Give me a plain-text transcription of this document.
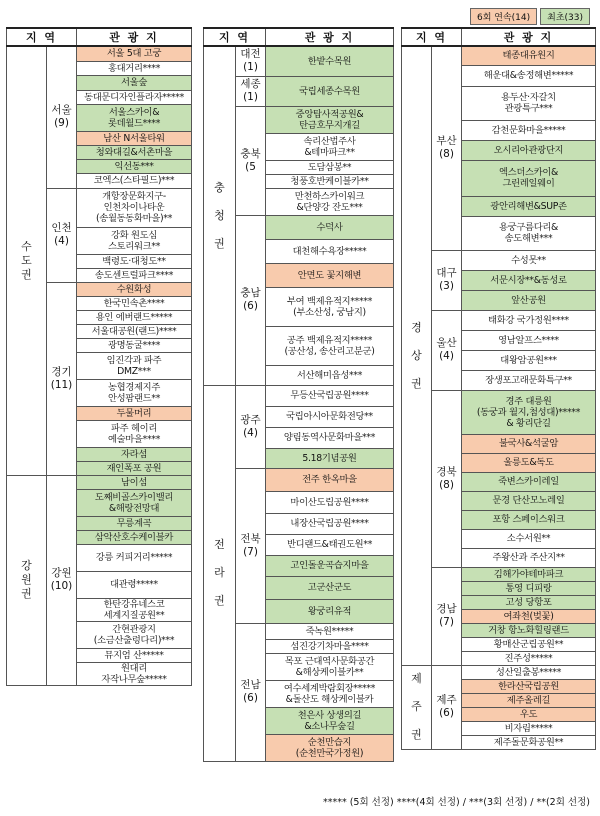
6회 연속(14)	최초(33)
지 역		관 광 지
수
도
권	서울
(9)	서울 5대 고궁
		홍대거리****
		서울숲
		동대문디자인플라자*****
		서울스카이&
롯데월드****
		남산 N서울타워
		청와대길&서촌마을
		익선동***
		코엑스(스타필드)***
	인천
(4)	개항장문화지구-
인천차이나타운
(송월동동화마을)**
		강화 원도심
스토리워크**
		백령도·대청도**
		송도센트럴파크****
	경기
(11)	수원화성
		한국민속촌****
		용인 에버랜드*****
		서울대공원(랜드)****
		광명동굴****
		임진각과 파주
DMZ***
		농협경제지주
안성팜랜드**
		두물머리
		파주 헤이리
예술마을****
		자라섬
		재인폭포 공원
강
원
권	강원
(10)	남이섬
		도째비골스카이밸리
&해랑전망대
		무릉계곡
		삼악산호수케이블카
		강릉 커피거리*****
		대관령*****
		한탄강유네스코
세계지질공원**
		간현관광지
(소금산출렁다리)***
		뮤지엄 산*****
		원대리
자작나무숲*****
지 역		관 광 지
충

청

권	대전
(1)	한밭수목원
	세종
(1)	국립세종수목원
	충북
(5	중앙탑사적공원&
탄금호무지개길
		속리산법주사
&테마파크**
		도담삼봉**
		청풍호반케이블카**
		만천하스카이워크
&단양강 잔도***
	충남
(6)	수덕사
		대천해수욕장*****
		안면도 꽃지해변
		부여 백제유적지*****
(부소산성, 궁남지)
		공주 백제유적지*****
(공산성, 송산리고분군)
		서산해미읍성***
전

라

권	광주
(4)	무등산국립공원****
		국립아시아문화전당**
		양림동역사문화마을***
		5.18기념공원
	전북
(7)	전주 한옥마을
		마이산도립공원****
		내장산국립공원****
		반디랜드&태권도원**
		고인돌운곡습지마을
		고군산군도
		왕궁리유적
	전남
(6)	죽녹원*****
		섬진강기차마을****
		목포 근대역사문화공간
&해상케이블카**
		여수세계박람회장*****
&돌산도 해상케이블카
		천은사 상생의길
&소나무숲길
		순천만습지
(순천만국가정원)
지 역		관 광 지
경

상

권	부산
(8)	태종대유원지
		해운대&송정해변*****
		용두산·자갈치
관광특구***
		감천문화마을*****
		오시리아관광단지
		엑스더스카이&
그린레일웨이
		광안리해변&SUP존
		용궁구름다리&
송도해변***
	대구
(3)	수성못**
		서문시장**&동성로
		앞산공원
	울산
(4)	태화강 국가정원****
		영남알프스****
		대왕암공원***
		장생포고래문화특구**
	경북
(8)	경주 대릉원
(동궁과 월지,첨성대)*****
& 황리단길
		불국사&석굴암
		울릉도&독도
		죽변스카이레일
		문경 단산모노레일
		포항 스페이스워크
		소수서원**
		주왕산과 주산지**
	경남
(7)	김해가야테마파크
		통영 디피랑
		고성 당항포
		여좌천(벚꽃)
		거창 항노화힐링랜드
		황매산군립공원**
		진주성*****
제

주

권	제주
(6)	성산일출봉*****
		한라산국립공원
		제주올레길
		우도
		비자림*****
		제주돌문화공원**
***** (5회 선정) ****(4회 선정) / ***(3회 선정) / **(2회 선정)
